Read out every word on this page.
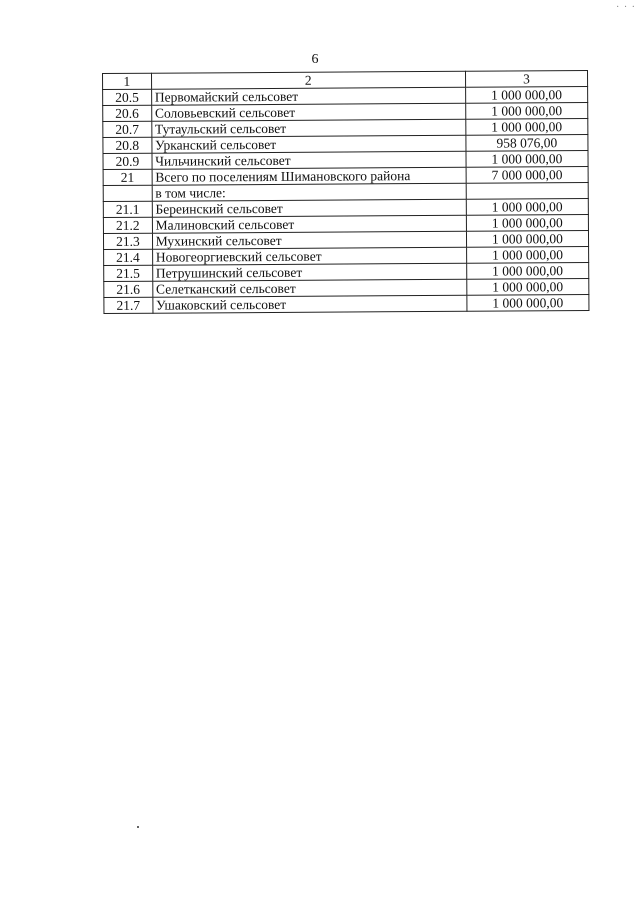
· · ·
6
1	2	3
20.5	Первомайский сельсовет	1 000 000,00
20.6	Соловьевский сельсовет	1 000 000,00
20.7	Тутаульский сельсовет	1 000 000,00
20.8	Урканский сельсовет	958 076,00
20.9	Чильчинский сельсовет	1 000 000,00
21	Всего по поселениям Шимановского района	7 000 000,00
	в том числе:	
21.1	Береинский сельсовет	1 000 000,00
21.2	Малиновский сельсовет	1 000 000,00
21.3	Мухинский сельсовет	1 000 000,00
21.4	Новогеоргиевский сельсовет	1 000 000,00
21.5	Петрушинский сельсовет	1 000 000,00
21.6	Селетканский сельсовет	1 000 000,00
21.7	Ушаковский сельсовет	1 000 000,00
